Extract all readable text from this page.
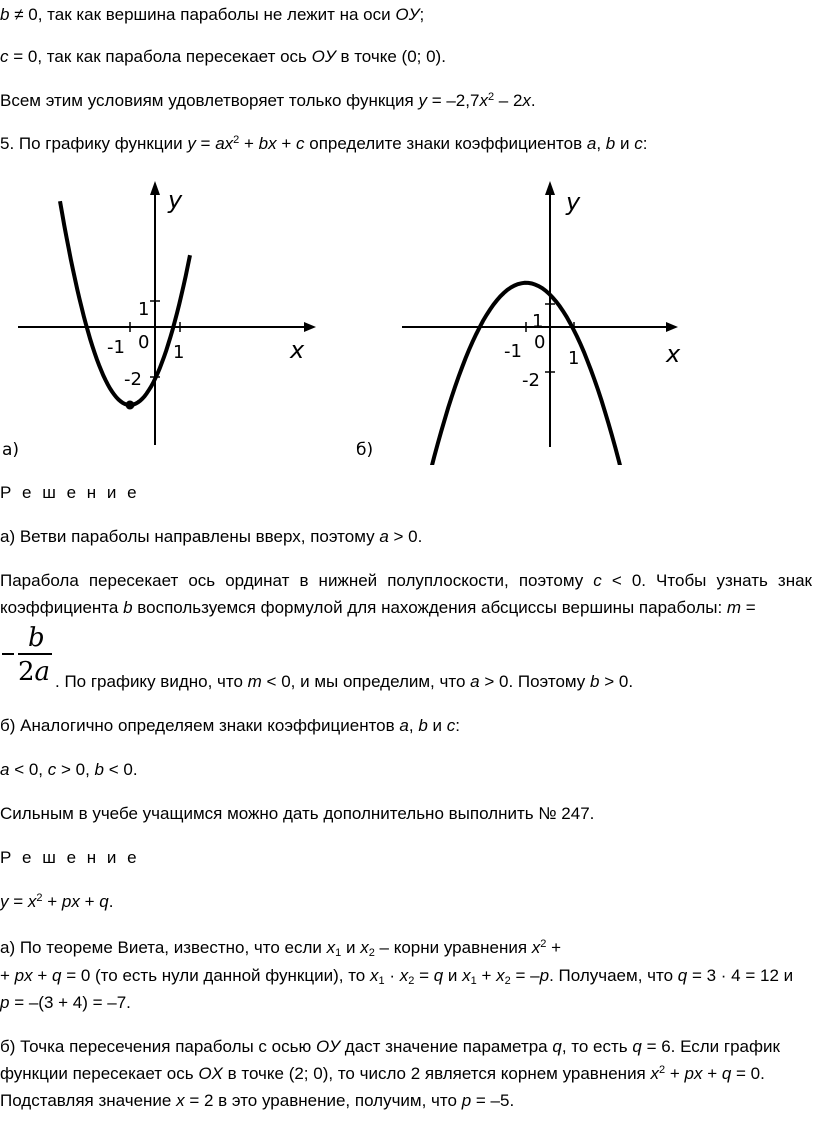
b ≠ 0, так как вершина параболы не лежит на оси OУ;
c = 0, так как парабола пересекает ось OУ в точке (0; 0).
Всем этим условиям удовлетворяет только функция $y = -2,7x^2 - 2x$.
5. По графику функции $y = ax^2$ + bx + c определите знаки коэффициентов a, b и c:
y
x
1
-1 0 1
-2
а)
y
x
1
-1 0
1
-2
б)
Р е ш е н и е
а) Ветви параболы направлены вверх, поэтому a > 0.
Парабола пересекает ось ординат в нижней полуплоскости, поэтому c < 0. Чтобы узнать знак
коэффициента b воспользуемся формулой для нахождения абсциссы вершины параболы: m =
b
2a . По графику видно, что m < 0, и мы определим, что a > 0. Поэтому b > 0.
б) Аналогично определяем знаки коэффициентов a, b и c:
a < 0, c > 0, b < 0.
Сильным в учебе учащимся можно дать дополнительно выполнить № 247.
Р е ш е н и е
$y = x^2$ + px + q.
а) По теореме Виета, известно, что если $x_1$ и $x_2$ – корни уравнения $x^2$ +
+ px + q = 0 (то есть нули данной функции), то $x_1 \cdot x_2 = q$ и $x_1 + x_2 = -p$. Получаем, что q = 3 · 4 = 12 и
p = –(3 + 4) = –7.
б) Точка пересечения параболы с осью OУ даст значение параметра q, то есть q = 6. Если график
функции пересекает ось OX в точке (2; 0), то число 2 является корнем уравнения $x^2$ + px + q = 0.
Подставляя значение x = 2 в это уравнение, получим, что p = –5.
